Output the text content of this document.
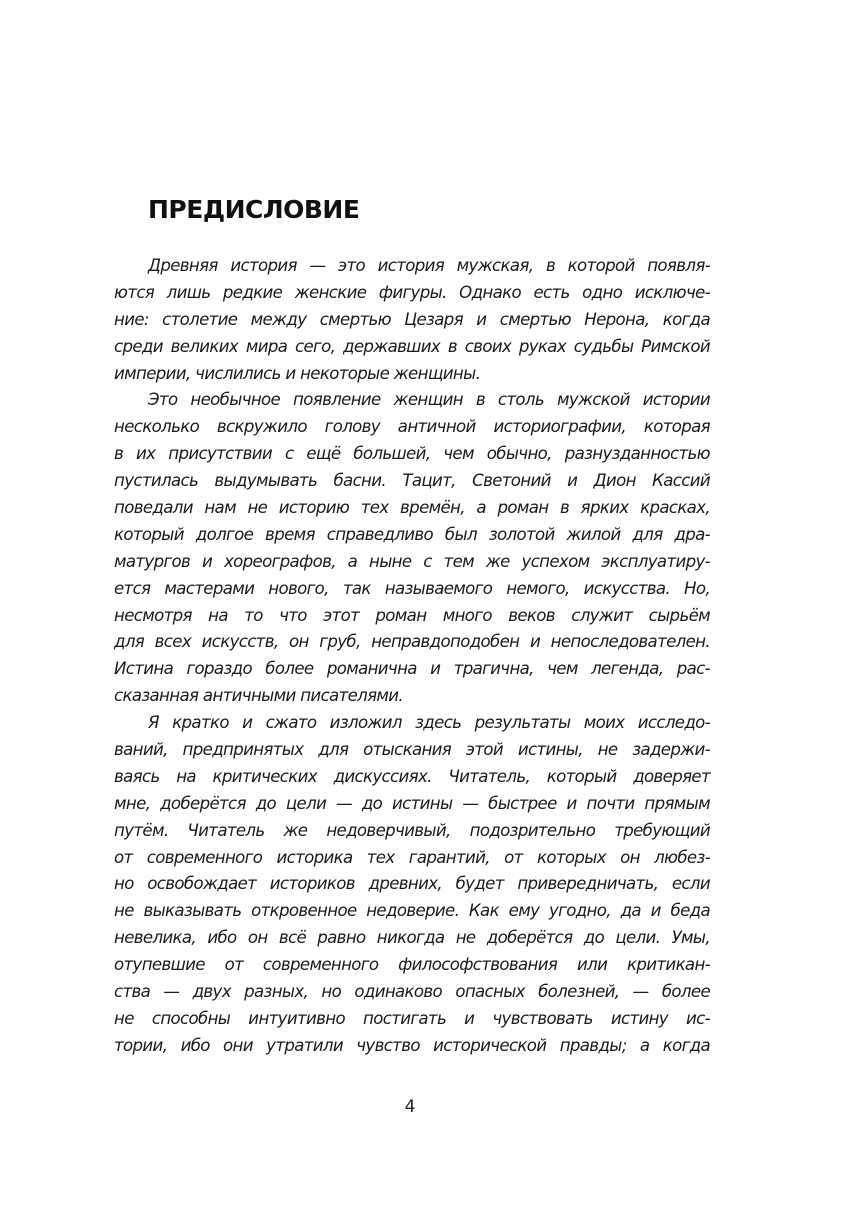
ПРЕДИСЛОВИЕ
Древняя история — это история мужская, в которой появля-
ются лишь редкие женские фигуры. Однако есть одно исключе-
ние: столетие между смертью Цезаря и смертью Нерона, когда
среди великих мира сего, державших в своих руках судьбы Римской
империи, числились и некоторые женщины.
Это необычное появление женщин в столь мужской истории
несколько вскружило голову античной историографии, которая
в их присутствии с ещё большей, чем обычно, разнузданностью
пустилась выдумывать басни. Тацит, Светоний и Дион Кассий
поведали нам не историю тех времён, а роман в ярких красках,
который долгое время справедливо был золотой жилой для дра-
матургов и хореографов, а ныне с тем же успехом эксплуатиру-
ется мастерами нового, так называемого немого, искусства. Но,
несмотря на то что этот роман много веков служит сырьём
для всех искусств, он груб, неправдоподобен и непоследователен.
Истина гораздо более романична и трагична, чем легенда, рас-
сказанная античными писателями.
Я кратко и сжато изложил здесь результаты моих исследо-
ваний, предпринятых для отыскания этой истины, не задержи-
ваясь на критических дискуссиях. Читатель, который доверяет
мне, доберётся до цели — до истины — быстрее и почти прямым
путём. Читатель же недоверчивый, подозрительно требующий
от современного историка тех гарантий, от которых он любез-
но освобождает историков древних, будет привередничать, если
не выказывать откровенное недоверие. Как ему угодно, да и беда
невелика, ибо он всё равно никогда не доберётся до цели. Умы,
отупевшие от современного философствования или критикан-
ства — двух разных, но одинаково опасных болезней, — более
не способны интуитивно постигать и чувствовать истину ис-
тории, ибо они утратили чувство исторической правды; а когда
4
